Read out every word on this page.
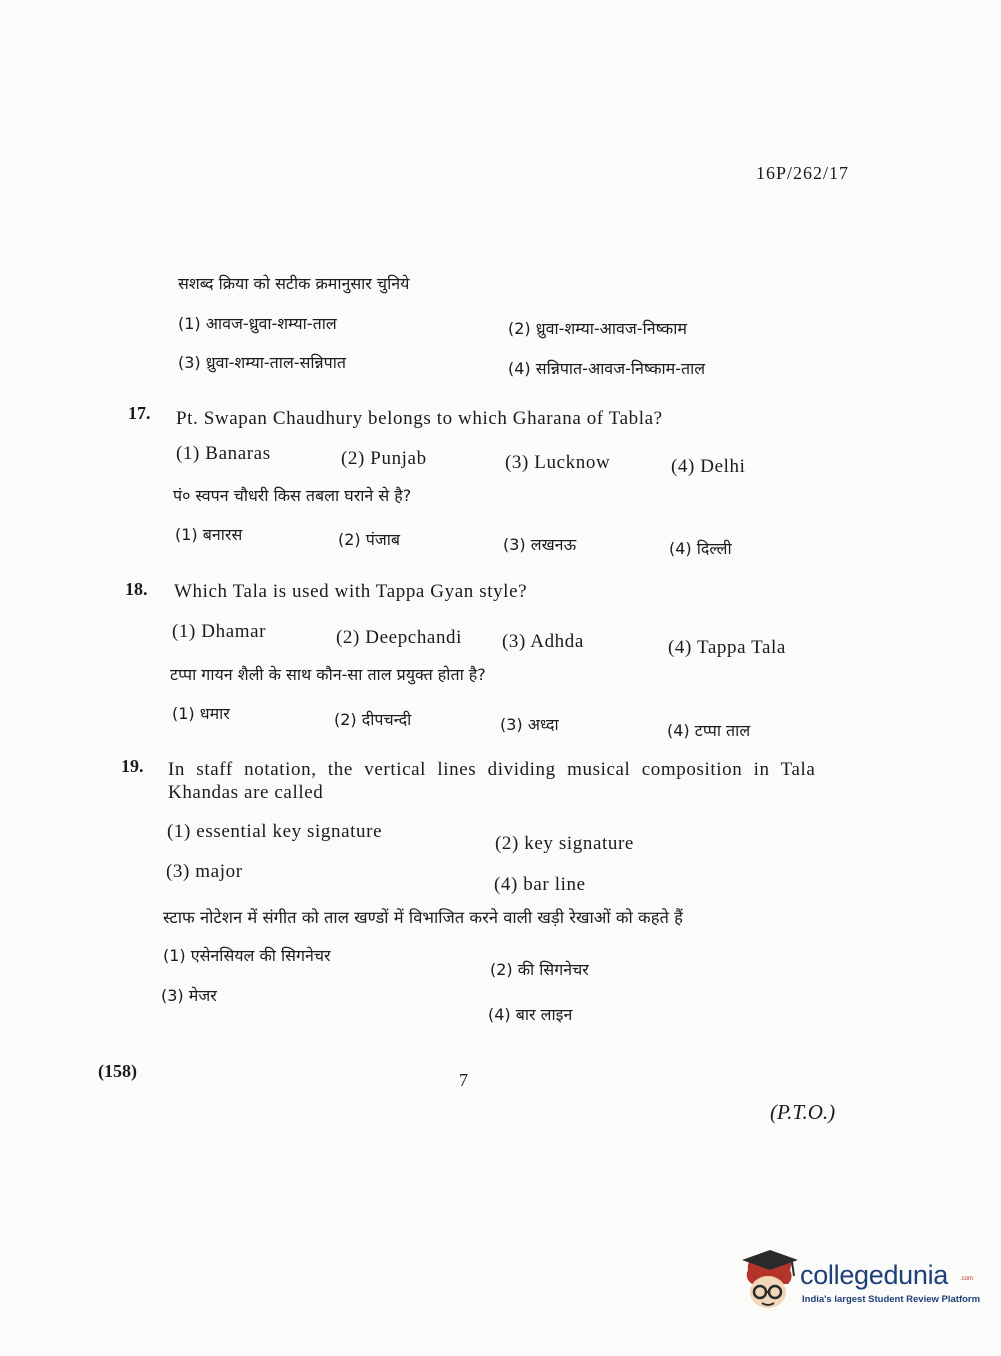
16P/262/17
सशब्द क्रिया को सटीक क्रमानुसार चुनिये
(1) आवज-ध्रुवा-शम्या-ताल	(2) ध्रुवा-शम्या-आवज-निष्काम
(3) ध्रुवा-शम्या-ताल-सन्निपात	(4) सन्निपात-आवज-निष्काम-ताल
17. Pt. Swapan Chaudhury belongs to which Gharana of Tabla?
(1) Banaras	(2) Punjab	(3) Lucknow	(4) Delhi
पं० स्वपन चौधरी किस तबला घराने से है?
(1) बनारस	(2) पंजाब	(3) लखनऊ	(4) दिल्ली
18. Which Tala is used with Tappa Gyan style?
(1) Dhamar	(2) Deepchandi (3) Adhda	(4) Tappa Tala
टप्पा गायन शैली के साथ कौन-सा ताल प्रयुक्त होता है?
(1) धमार	(2) दीपचन्दी	(3) अध्दा	(4) टप्पा ताल
19. In staff notation, the vertical lines dividing musical composition in Tala
Khandas are called
(1) essential key signature
(2) key signature
(3) major
(4) bar line
स्टाफ नोटेशन में संगीत को ताल खण्डों में विभाजित करने वाली खड़ी रेखाओं को कहते हैं
(1) एसेनसियल की सिगनेचर
(2) की सिगनेचर
(3) मेजर
(4) बार लाइन
(158)	7
(P.T.O.)
collegedunia .com
India's largest Student Review Platform
